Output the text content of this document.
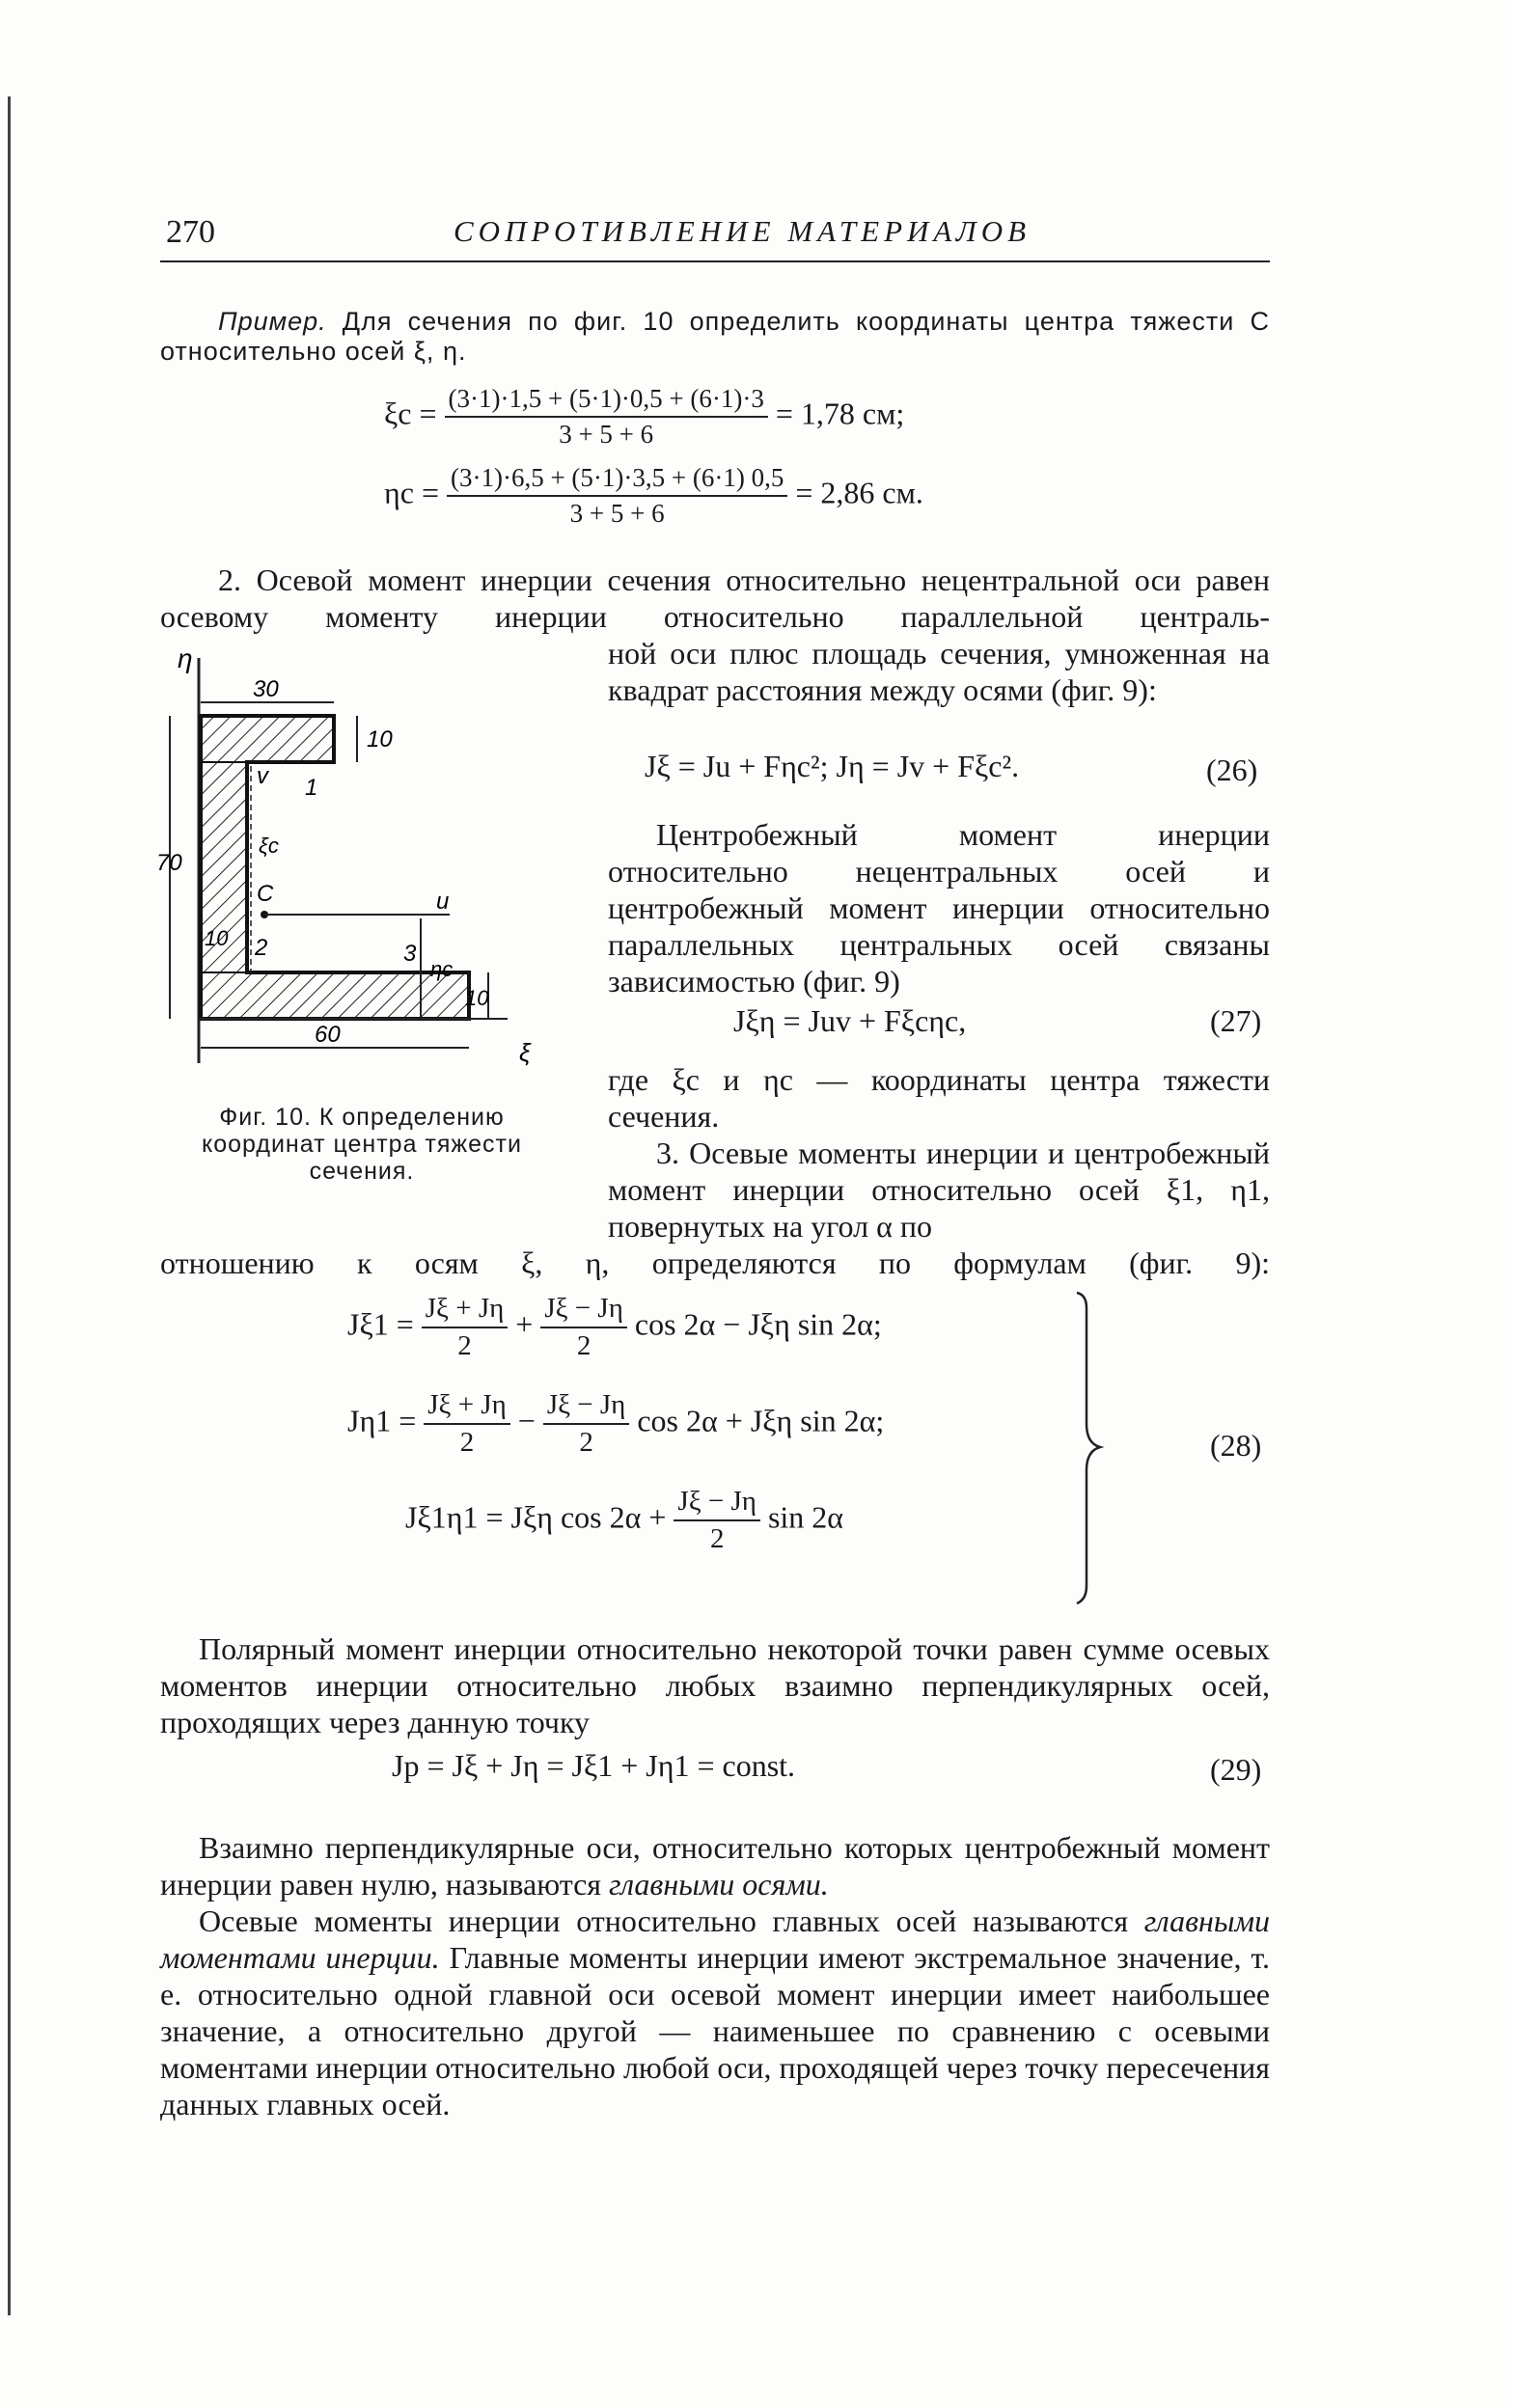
270	СОПРОТИВЛЕНИЕ МАТЕРИАЛОВ
Пример. Для сечения по фиг. 10 определить координаты центра тяжести C относительно осей ξ, η.
$\xi c = \frac{(3\cdot 1)\cdot 1,5 + (5\cdot 1)\cdot 0,5 + (6\cdot 1)\cdot 3}{3 + 5 + 6} = 1,78$ см;
$\eta c = \frac{(3\cdot 1)\cdot 6,5 + (5\cdot 1)\cdot 3,5 + (6\cdot 1) 0,5}{3 + 5 + 6} = 2,86$ см.
2. Осевой момент инерции сечения относительно нецентральной оси равен осевому моменту инерции относительно параллельной централь-
η
v
ξc
u
C
ηc
30
10
70
10
10
60
ξ
1
2	3
Фиг. 10. К определению координат центра тяжести сечения.
ной оси плюс площадь сечения, умноженная на квадрат расстояния между осями (фиг. 9):
Jξ = Ju + Fηc²; Jη = Jv + Fξc².	(26)
Центробежный момент инерции относительно нецентральных осей и центробежный момент инерции относительно параллельных центральных осей связаны зависимостью (фиг. 9)
Jξη = Juv + Fξcηc,	(27)
где ξc и ηc — координаты центра тяжести сечения.
3. Осевые моменты инерции и центробежный момент инерции относительно осей ξ1, η1, повернутых на угол α по
отношению к осям ξ, η, определяются по формулам (фиг. 9):
$J\xi 1 = \frac{J\xi + J\eta}{2} + \frac{J\xi - J\eta}{2}$ cos 2α − Jξη sin 2α;
$J\eta 1 = \frac{J\xi + J\eta}{2} - \frac{J\xi - J\eta}{2}$ cos 2α + Jξη sin 2α;
Jξ1η1 = Jξη $\cos 2\alpha + \frac{J\xi - J\eta}{2}$ sin 2α
(28)
Полярный момент инерции относительно некоторой точки равен сумме осевых моментов инерции относительно любых взаимно перпендикулярных осей, проходящих через данную точку
Jp = Jξ + Jη = Jξ1 + Jη1 = const.	(29)
Взаимно перпендикулярные оси, относительно которых центробежный момент инерции равен нулю, называются главными осями.
Осевые моменты инерции относительно главных осей называются главными моментами инерции. Главные моменты инерции имеют экстремальное значение, т. е. относительно одной главной оси осевой момент инерции имеет наибольшее значение, а относительно другой — наименьшее по сравнению с осевыми моментами инерции относительно любой оси, проходящей через точку пересечения данных главных осей.
